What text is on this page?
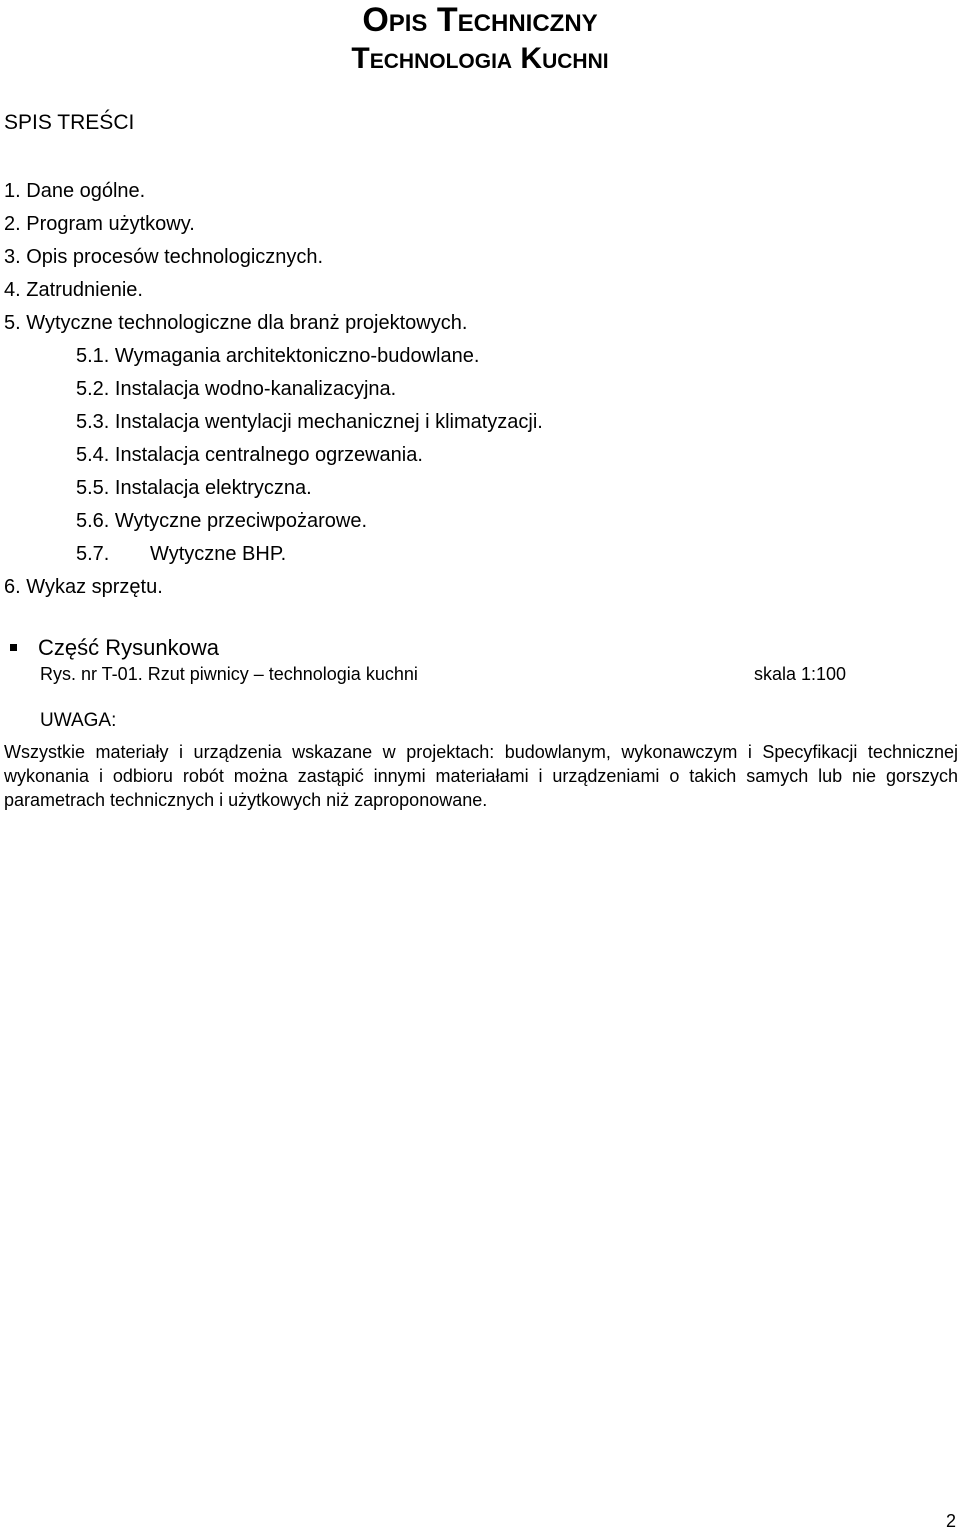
Opis Techniczny
Technologia Kuchni
SPIS TREŚCI
1. Dane ogólne.
2. Program użytkowy.
3. Opis procesów technologicznych.
4. Zatrudnienie.
5. Wytyczne technologiczne dla branż projektowych.
5.1. Wymagania architektoniczno-budowlane.
5.2. Instalacja wodno-kanalizacyjna.
5.3. Instalacja wentylacji mechanicznej i klimatyzacji.
5.4. Instalacja centralnego ogrzewania.
5.5. Instalacja elektryczna.
5.6. Wytyczne przeciwpożarowe.
5.7. Wytyczne BHP.
6. Wykaz sprzętu.
Część Rysunkowa
Rys. nr T-01. Rzut piwnicy – technologia kuchni	skala 1:100
UWAGA:

Wszystkie materiały i urządzenia wskazane w projektach: budowlanym, wykonawczym i Specyfikacji technicznej wykonania i odbioru robót można zastąpić innymi materiałami i urządzeniami o takich samych lub nie gorszych parametrach technicznych i użytkowych niż zaproponowane.

2
